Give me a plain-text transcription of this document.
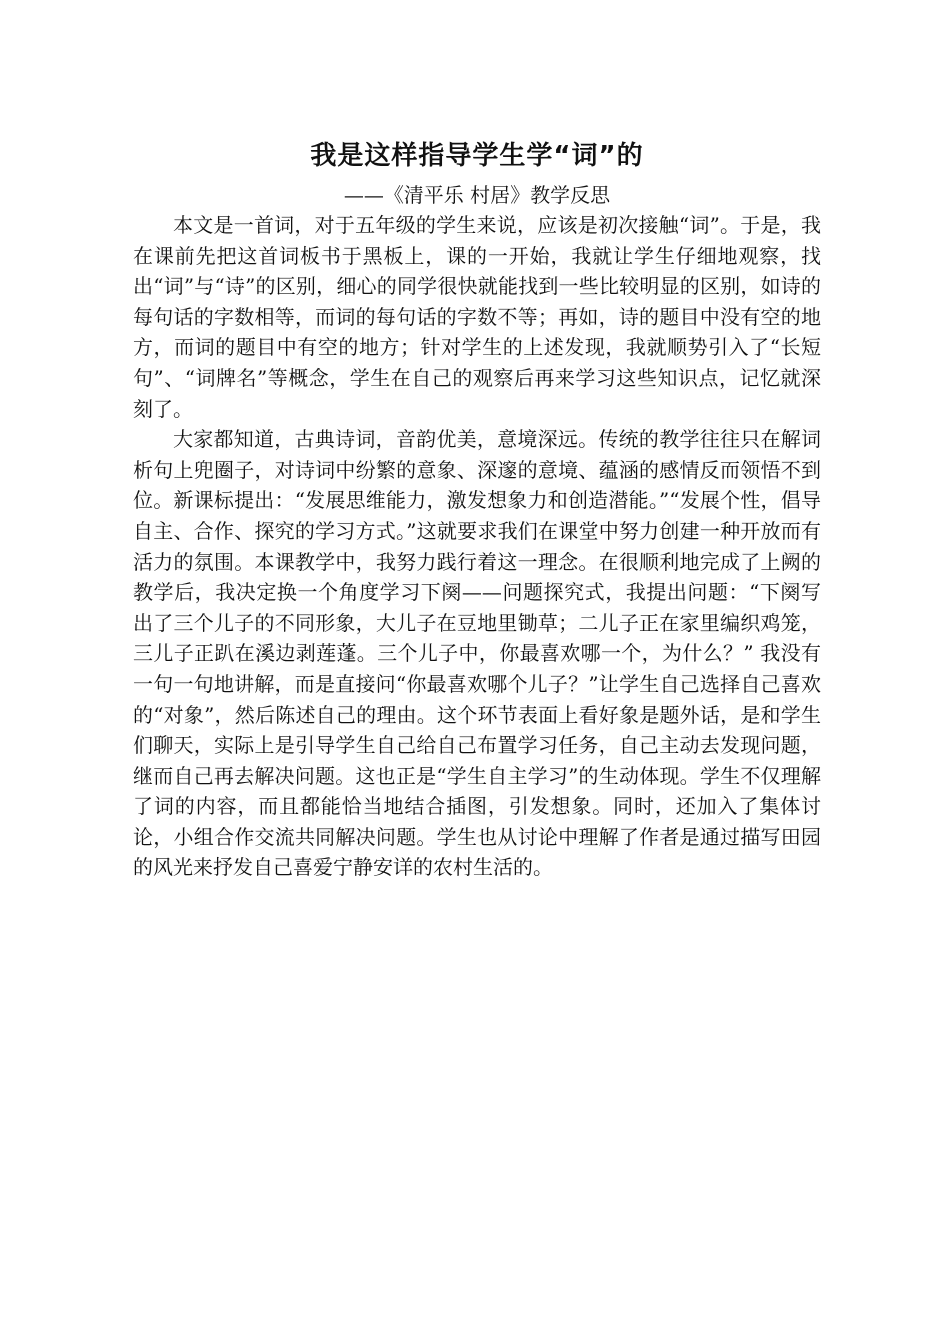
我是这样指导学生学“词”的
——《清平乐 村居》教学反思

本文是一首词，对于五年级的学生来说，应该是初次接触“词”。于是，我在课前先把这首词板书于黑板上，课的一开始，我就让学生仔细地观察，找出“词”与“诗”的区别，细心的同学很快就能找到一些比较明显的区别，如诗的每句话的字数相等，而词的每句话的字数不等；再如，诗的题目中没有空的地方，而词的题目中有空的地方；针对学生的上述发现，我就顺势引入了“长短句”、“词牌名”等概念，学生在自己的观察后再来学习这些知识点，记忆就深刻了。

大家都知道，古典诗词，音韵优美，意境深远。传统的教学往往只在解词析句上兜圈子，对诗词中纷繁的意象、深邃的意境、蕴涵的感情反而领悟不到位。新课标提出：“发展思维能力，激发想象力和创造潜能。”“发展个性，倡导自主、合作、探究的学习方式。”这就要求我们在课堂中努力创建一种开放而有活力的氛围。本课教学中，我努力践行着这一理念。在很顺利地完成了上阙的教学后，我决定换一个角度学习下阕——问题探究式，我提出问题：“下阕写出了三个儿子的不同形象，大儿子在豆地里锄草；二儿子正在家里编织鸡笼，三儿子正趴在溪边剥莲蓬。三个儿子中，你最喜欢哪一个，为什么？” 我没有一句一句地讲解，而是直接问“你最喜欢哪个儿子？”让学生自己选择自己喜欢的“对象”，然后陈述自己的理由。这个环节表面上看好象是题外话，是和学生们聊天，实际上是引导学生自己给自己布置学习任务，自己主动去发现问题，继而自己再去解决问题。这也正是“学生自主学习”的生动体现。学生不仅理解了词的内容，而且都能恰当地结合插图，引发想象。同时，还加入了集体讨论，小组合作交流共同解决问题。学生也从讨论中理解了作者是通过描写田园的风光来抒发自己喜爱宁静安详的农村生活的。
